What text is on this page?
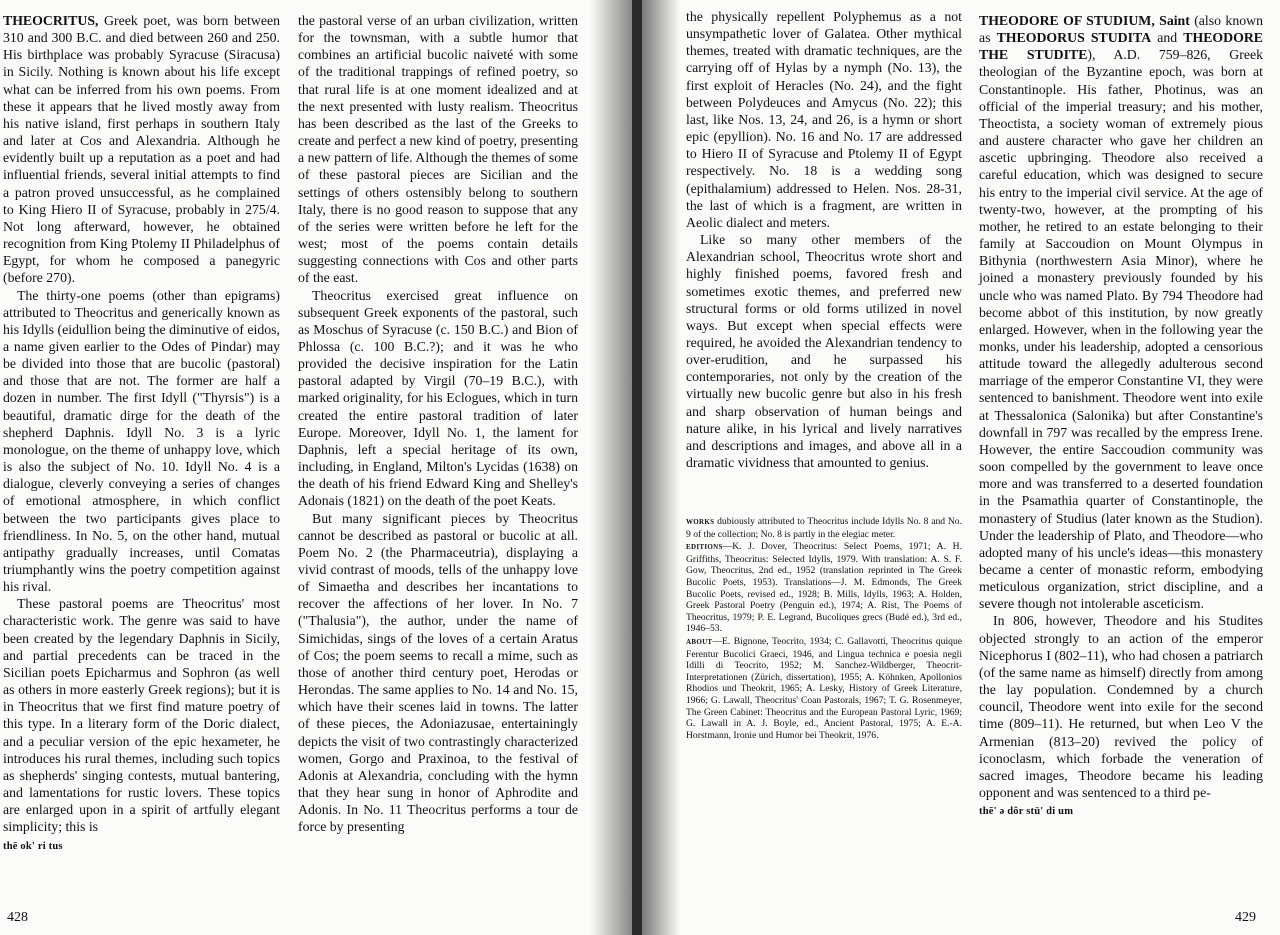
THEOCRITUS, Greek poet, was born between 310 and 300 B.C. and died between 260 and 250. His birthplace was probably Syracuse (Siracusa) in Sicily. Nothing is known about his life except what can be inferred from his own poems. From these it appears that he lived mostly away from his native island, first perhaps in southern Italy and later at Cos and Alexandria. Although he evidently built up a reputation as a poet and had influential friends, several initial attempts to find a patron proved unsuccessful, as he complained to King Hiero II of Syracuse, probably in 275/4. Not long afterward, however, he obtained recognition from King Ptolemy II Philadelphus of Egypt, for whom he composed a panegyric (before 270).

The thirty-one poems (other than epigrams) attributed to Theocritus and generically known as his Idylls (eidullion being the diminutive of eidos, a name given earlier to the Odes of Pindar) may be divided into those that are bucolic (pastoral) and those that are not. The former are half a dozen in number. The first Idyll ("Thyrsis") is a beautiful, dramatic dirge for the death of the shepherd Daphnis. Idyll No. 3 is a lyric monologue, on the theme of unhappy love, which is also the subject of No. 10. Idyll No. 4 is a dialogue, cleverly conveying a series of changes of emotional atmosphere, in which conflict between the two participants gives place to friendliness. In No. 5, on the other hand, mutual antipathy gradually increases, until Comatas triumphantly wins the poetry competition against his rival.

These pastoral poems are Theocritus' most characteristic work. The genre was said to have been created by the legendary Daphnis in Sicily, and partial precedents can be traced in the Sicilian poets Epicharmus and Sophron (as well as others in more easterly Greek regions); but it is in Theocritus that we first find mature poetry of this type. In a literary form of the Doric dialect, and a peculiar version of the epic hexameter, he introduces his rural themes, including such topics as shepherds' singing contests, mutual bantering, and lamentations for rustic lovers. These topics are enlarged upon in a spirit of artfully elegant simplicity; this is

thē ok' ri tus

the pastoral verse of an urban civilization, written for the townsman, with a subtle humor that combines an artificial bucolic naiveté with some of the traditional trappings of refined poetry, so that rural life is at one moment idealized and at the next presented with lusty realism. Theocritus has been described as the last of the Greeks to create and perfect a new kind of poetry, presenting a new pattern of life. Although the themes of some of these pastoral pieces are Sicilian and the settings of others ostensibly belong to southern Italy, there is no good reason to suppose that any of the series were written before he left for the west; most of the poems contain details suggesting connections with Cos and other parts of the east.

Theocritus exercised great influence on subsequent Greek exponents of the pastoral, such as Moschus of Syracuse (c. 150 B.C.) and Bion of Phlossa (c. 100 B.C.?); and it was he who provided the decisive inspiration for the Latin pastoral adapted by Virgil (70–19 B.C.), with marked originality, for his Eclogues, which in turn created the entire pastoral tradition of later Europe. Moreover, Idyll No. 1, the lament for Daphnis, left a special heritage of its own, including, in England, Milton's Lycidas (1638) on the death of his friend Edward King and Shelley's Adonais (1821) on the death of the poet Keats.

But many significant pieces by Theocritus cannot be described as pastoral or bucolic at all. Poem No. 2 (the Pharmaceutria), displaying a vivid contrast of moods, tells of the unhappy love of Simaetha and describes her incantations to recover the affections of her lover. In No. 7 ("Thalusia"), the author, under the name of Simichidas, sings of the loves of a certain Aratus of Cos; the poem seems to recall a mime, such as those of another third century poet, Herodas or Herondas. The same applies to No. 14 and No. 15, which have their scenes laid in towns. The latter of these pieces, the Adoniazusae, entertainingly depicts the visit of two contrastingly characterized women, Gorgo and Praxinoa, to the festival of Adonis at Alexandria, concluding with the hymn that they hear sung in honor of Aphrodite and Adonis. In No. 11 Theocritus performs a tour de force by presenting

428

the physically repellent Polyphemus as a not unsympathetic lover of Galatea. Other mythical themes, treated with dramatic techniques, are the carrying off of Hylas by a nymph (No. 13), the first exploit of Heracles (No. 24), and the fight between Polydeuces and Amycus (No. 22); this last, like Nos. 13, 24, and 26, is a hymn or short epic (epyllion). No. 16 and No. 17 are addressed to Hiero II of Syracuse and Ptolemy II of Egypt respectively. No. 18 is a wedding song (epithalamium) addressed to Helen. Nos. 28-31, the last of which is a fragment, are written in Aeolic dialect and meters.

Like so many other members of the Alexandrian school, Theocritus wrote short and highly finished poems, favored fresh and sometimes exotic themes, and preferred new structural forms or old forms utilized in novel ways. But except when special effects were required, he avoided the Alexandrian tendency to over-erudition, and he surpassed his contemporaries, not only by the creation of the virtually new bucolic genre but also in his fresh and sharp observation of human beings and nature alike, in his lyrical and lively narratives and descriptions and images, and above all in a dramatic vividness that amounted to genius.

works dubiously attributed to Theocritus include Idylls No. 8 and No. 9 of the collection; No. 8 is partly in the elegiac meter.

editions—K. J. Dover, Theocritus: Select Poems, 1971; A. H. Griffiths, Theocritus: Selected Idylls, 1979. With translation: A. S. F. Gow, Theocritus, 2nd ed., 1952 (translation reprinted in The Greek Bucolic Poets, 1953). Translations—J. M. Edmonds, The Greek Bucolic Poets, revised ed., 1928; B. Mills, Idylls, 1963; A. Holden, Greek Pastoral Poetry (Penguin ed.), 1974; A. Rist, The Poems of Theocritus, 1979; P. E. Legrand, Bucoliques grecs (Budé ed.), 3rd ed., 1946–53.

about—E. Bignone, Teocrito, 1934; C. Gallavotti, Theocritus quique Ferentur Bucolici Graeci, 1946, and Lingua technica e poesia negli Idilli di Teocrito, 1952; M. Sanchez-Wildberger, Theocrit-Interpretationen (Zürich, dissertation), 1955; A. Köhnken, Apollonios Rhodios und Theokrit, 1965; A. Lesky, History of Greek Literature, 1966; G. Lawall, Theocritus' Coan Pastorals, 1967; T. G. Rosenmeyer, The Green Cabinet: Theocritus and the European Pastoral Lyric, 1969; G. Lawall in A. J. Boyle, ed., Ancient Pastoral, 1975; A. E.-A. Horstmann, Ironie und Humor bei Theokrit, 1976.

THEODORE OF STUDIUM, Saint (also known as THEODORUS STUDITA and THEODORE THE STUDITE), A.D. 759–826, Greek theologian of the Byzantine epoch, was born at Constantinople. His father, Photinus, was an official of the imperial treasury; and his mother, Theoctista, a society woman of extremely pious and austere character who gave her children an ascetic upbringing. Theodore also received a careful education, which was designed to secure his entry to the imperial civil service. At the age of twenty-two, however, at the prompting of his mother, he retired to an estate belonging to their family at Saccoudion on Mount Olympus in Bithynia (northwestern Asia Minor), where he joined a monastery previously founded by his uncle who was named Plato. By 794 Theodore had become abbot of this institution, by now greatly enlarged. However, when in the following year the monks, under his leadership, adopted a censorious attitude toward the allegedly adulterous second marriage of the emperor Constantine VI, they were sentenced to banishment. Theodore went into exile at Thessalonica (Salonika) but after Constantine's downfall in 797 was recalled by the empress Irene. However, the entire Saccoudion community was soon compelled by the government to leave once more and was transferred to a deserted foundation in the Psamathia quarter of Constantinople, the monastery of Studius (later known as the Studion). Under the leadership of Plato, and Theodore—who adopted many of his uncle's ideas—this monastery became a center of monastic reform, embodying meticulous organization, strict discipline, and a severe though not intolerable asceticism.

In 806, however, Theodore and his Studites objected strongly to an action of the emperor Nicephorus I (802–11), who had chosen a patriarch (of the same name as himself) directly from among the lay population. Condemned by a church council, Theodore went into exile for the second time (809–11). He returned, but when Leo V the Armenian (813–20) revived the policy of iconoclasm, which forbade the veneration of sacred images, Theodore became his leading opponent and was sentenced to a third pe-

thē' ǝ dôr stü' di um
429
